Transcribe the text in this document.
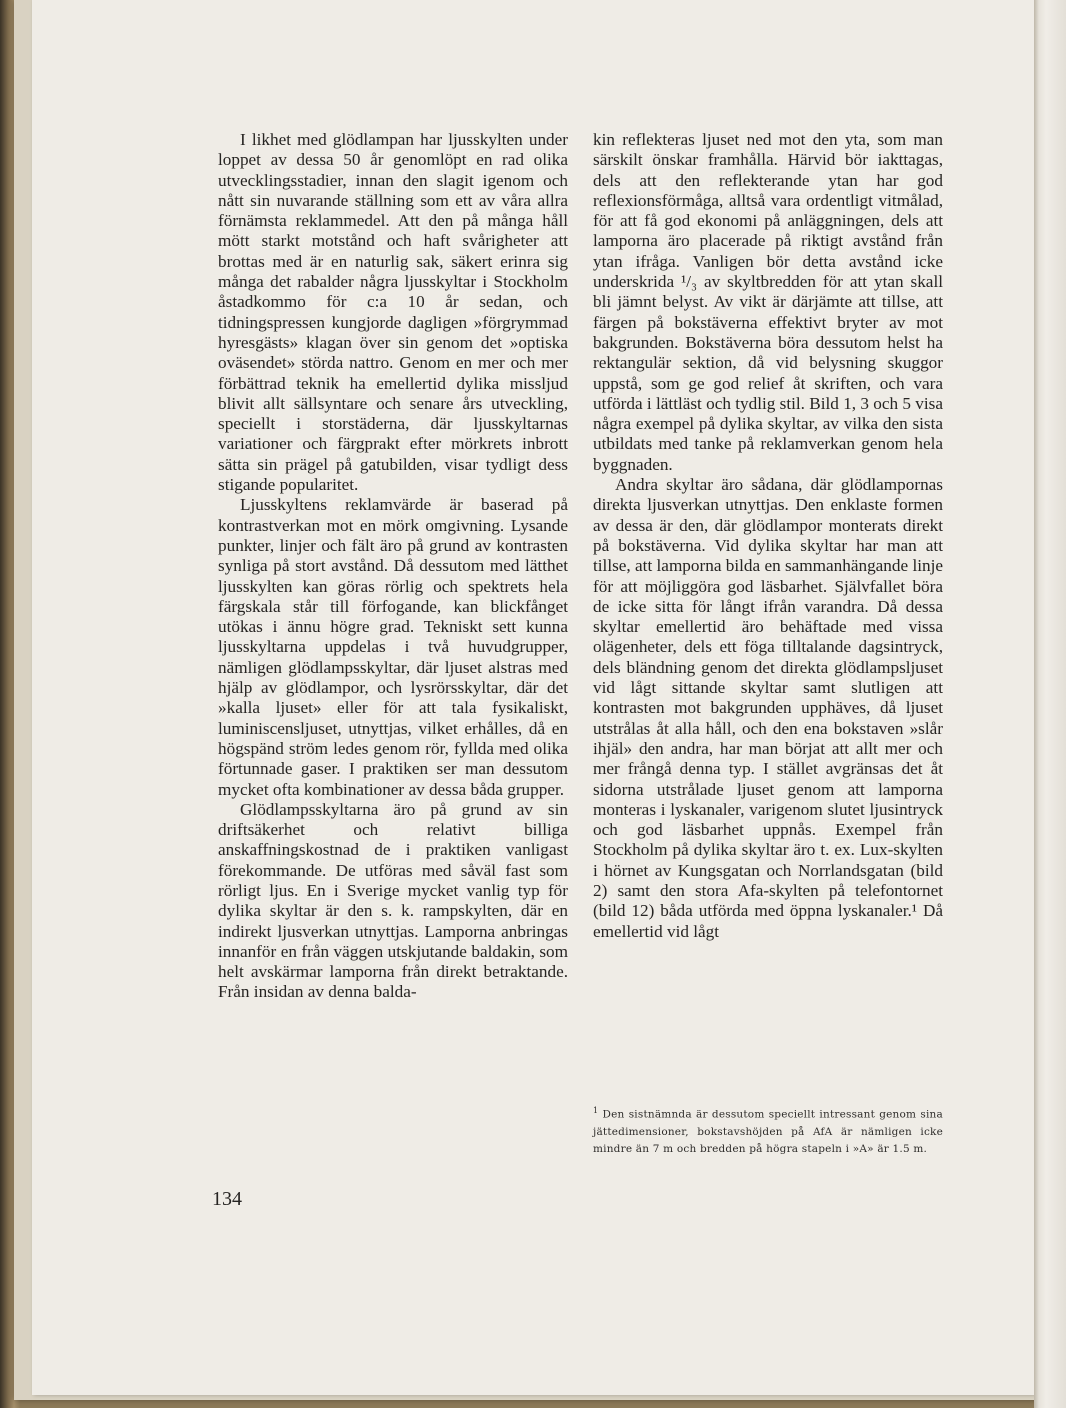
I likhet med glödlampan har ljusskylten under loppet av dessa 50 år genomlöpt en rad olika utvecklingsstadier, innan den slagit igenom och nått sin nuvarande ställning som ett av våra allra förnämsta reklammedel. Att den på många håll mött starkt motstånd och haft svårigheter att brottas med är en naturlig sak, säkert erinra sig många det rabalder några ljusskyltar i Stockholm åstadkommo för c:a 10 år sedan, och tidningspressen kungjorde dagligen »förgrymmad hyresgästs» klagan över sin genom det »optiska oväsendet» störda nattro. Genom en mer och mer förbättrad teknik ha emellertid dylika missljud blivit allt sällsyntare och senare års utveckling, speciellt i storstäderna, där ljusskyltarnas variationer och färgprakt efter mörkrets inbrott sätta sin prägel på gatubilden, visar tydligt dess stigande popularitet.

Ljusskyltens reklamvärde är baserad på kontrastverkan mot en mörk omgivning. Lysande punkter, linjer och fält äro på grund av kontrasten synliga på stort avstånd. Då dessutom med lätthet ljusskylten kan göras rörlig och spektrets hela färgskala står till förfogande, kan blickfånget utökas i ännu högre grad. Tekniskt sett kunna ljusskyltarna uppdelas i två huvudgrupper, nämligen glödlampsskyltar, där ljuset alstras med hjälp av glödlampor, och lysrörsskyltar, där det »kalla ljuset» eller för att tala fysikaliskt, luminiscensljuset, utnyttjas, vilket erhålles, då en högspänd ström ledes genom rör, fyllda med olika förtunnade gaser. I praktiken ser man dessutom mycket ofta kombinationer av dessa båda grupper.

Glödlampsskyltarna äro på grund av sin driftsäkerhet och relativt billiga anskaffningskostnad de i praktiken vanligast förekommande. De utföras med såväl fast som rörligt ljus. En i Sverige mycket vanlig typ för dylika skyltar är den s. k. rampskylten, där en indirekt ljusverkan utnyttjas. Lamporna anbringas innanför en från väggen utskjutande baldakin, som helt avskärmar lamporna från direkt betraktande. Från insidan av denna balda-

kin reflekteras ljuset ned mot den yta, som man särskilt önskar framhålla. Härvid bör iakttagas, dels att den reflekterande ytan har god reflexionsförmåga, alltså vara ordentligt vitmålad, för att få god ekonomi på anläggningen, dels att lamporna äro placerade på riktigt avstånd från ytan ifråga. Vanligen bör detta avstånd icke underskrida ¹/₃ av skyltbredden för att ytan skall bli jämnt belyst. Av vikt är därjämte att tillse, att färgen på bokstäverna effektivt bryter av mot bakgrunden. Bokstäverna böra dessutom helst ha rektangulär sektion, då vid belysning skuggor uppstå, som ge god relief åt skriften, och vara utförda i lättläst och tydlig stil. Bild 1, 3 och 5 visa några exempel på dylika skyltar, av vilka den sista utbildats med tanke på reklamverkan genom hela byggnaden.

Andra skyltar äro sådana, där glödlampornas direkta ljusverkan utnyttjas. Den enklaste formen av dessa är den, där glödlampor monterats direkt på bokstäverna. Vid dylika skyltar har man att tillse, att lamporna bilda en sammanhängande linje för att möjliggöra god läsbarhet. Självfallet böra de icke sitta för långt ifrån varandra. Då dessa skyltar emellertid äro behäftade med vissa olägenheter, dels ett föga tilltalande dagsintryck, dels bländning genom det direkta glödlampsljuset vid lågt sittande skyltar samt slutligen att kontrasten mot bakgrunden upphäves, då ljuset utstrålas åt alla håll, och den ena bokstaven »slår ihjäl» den andra, har man börjat att allt mer och mer frångå denna typ. I stället avgränsas det åt sidorna utstrålade ljuset genom att lamporna monteras i lyskanaler, varigenom slutet ljusintryck och god läsbarhet uppnås. Exempel från Stockholm på dylika skyltar äro t. ex. Lux-skylten i hörnet av Kungsgatan och Norrlandsgatan (bild 2) samt den stora Afa-skylten på telefontornet (bild 12) båda utförda med öppna lyskanaler.¹ Då emellertid vid lågt

$^1$ Den sistnämnda är dessutom speciellt intressant genom sina jättedimensioner, bokstavshöjden på AfA är nämligen icke mindre än 7 m och bredden på högra stapeln i »A» är 1.5 m.
134
